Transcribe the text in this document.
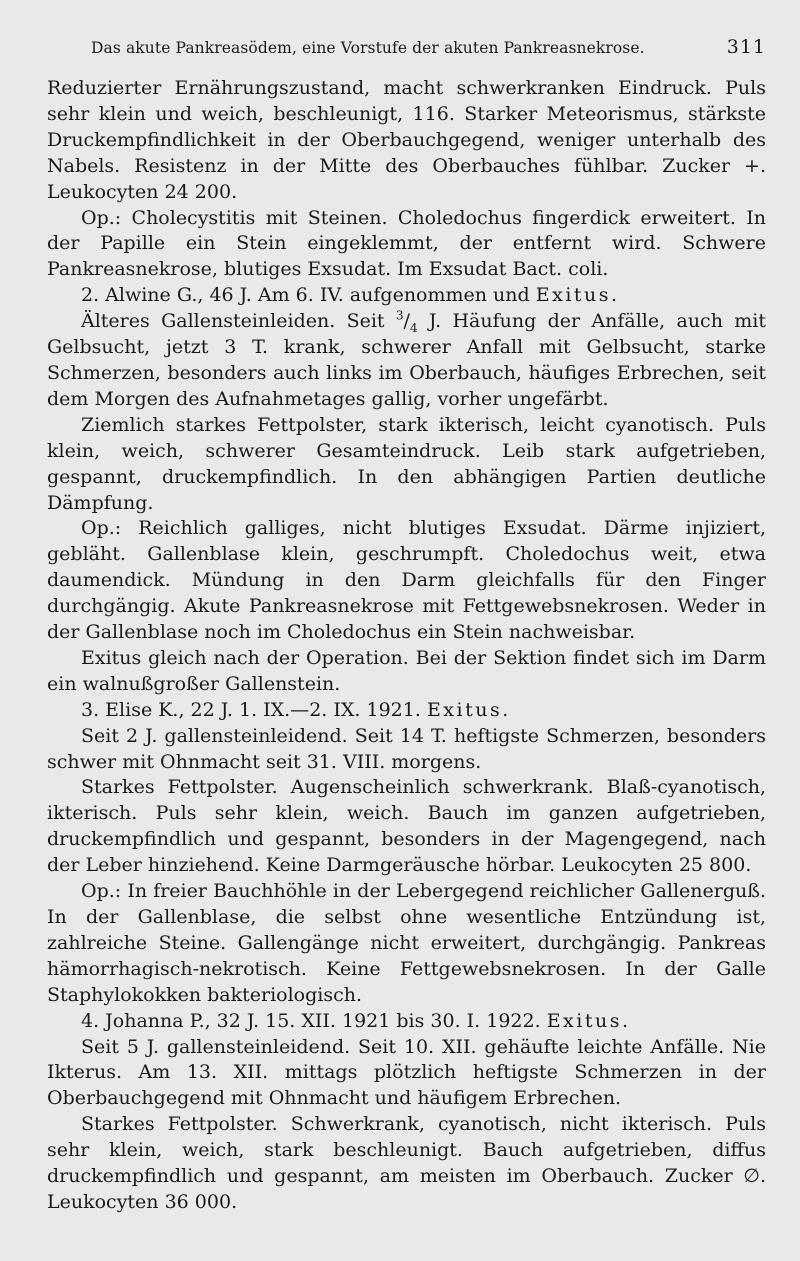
Das akute Pankreasödem, eine Vorstufe der akuten Pankreasnekrose.	311

Reduzierter Ernährungszustand, macht schwerkranken Eindruck. Puls sehr klein und weich, beschleunigt, 116. Starker Meteorismus, stärkste Druckempfindlichkeit in der Oberbauchgegend, weniger unterhalb des Nabels. Resistenz in der Mitte des Oberbauches fühlbar. Zucker +. Leukocyten 24 200.

Op.: Cholecystitis mit Steinen. Choledochus fingerdick erweitert. In der Papille ein Stein eingeklemmt, der entfernt wird. Schwere Pankreasnekrose, blutiges Exsudat. Im Exsudat Bact. coli.

2. Alwine G., 46 J. Am 6. IV. aufgenommen und Exitus.

Älteres Gallensteinleiden. Seit $^3/_4$ J. Häufung der Anfälle, auch mit Gelbsucht, jetzt 3 T. krank, schwerer Anfall mit Gelbsucht, starke Schmerzen, besonders auch links im Oberbauch, häufiges Erbrechen, seit dem Morgen des Aufnahmetages gallig, vorher ungefärbt.

Ziemlich starkes Fettpolster, stark ikterisch, leicht cyanotisch. Puls klein, weich, schwerer Gesamteindruck. Leib stark aufgetrieben, gespannt, druckempfindlich. In den abhängigen Partien deutliche Dämpfung.

Op.: Reichlich galliges, nicht blutiges Exsudat. Därme injiziert, gebläht. Gallenblase klein, geschrumpft. Choledochus weit, etwa daumendick. Mündung in den Darm gleichfalls für den Finger durchgängig. Akute Pankreasnekrose mit Fettgewebsnekrosen. Weder in der Gallenblase noch im Choledochus ein Stein nachweisbar.

Exitus gleich nach der Operation. Bei der Sektion findet sich im Darm ein walnußgroßer Gallenstein.

3. Elise K., 22 J. 1. IX.—2. IX. 1921. Exitus.

Seit 2 J. gallensteinleidend. Seit 14 T. heftigste Schmerzen, besonders schwer mit Ohnmacht seit 31. VIII. morgens.

Starkes Fettpolster. Augenscheinlich schwerkrank. Blaß-cyanotisch, ikterisch. Puls sehr klein, weich. Bauch im ganzen aufgetrieben, druckempfindlich und gespannt, besonders in der Magengegend, nach der Leber hinziehend. Keine Darmgeräusche hörbar. Leukocyten 25 800.

Op.: In freier Bauchhöhle in der Lebergegend reichlicher Gallenerguß. In der Gallenblase, die selbst ohne wesentliche Entzündung ist, zahlreiche Steine. Gallengänge nicht erweitert, durchgängig. Pankreas hämorrhagisch-nekrotisch. Keine Fettgewebsnekrosen. In der Galle Staphylokokken bakteriologisch.

4. Johanna P., 32 J. 15. XII. 1921 bis 30. I. 1922. Exitus.

Seit 5 J. gallensteinleidend. Seit 10. XII. gehäufte leichte Anfälle. Nie Ikterus. Am 13. XII. mittags plötzlich heftigste Schmerzen in der Oberbauchgegend mit Ohnmacht und häufigem Erbrechen.

Starkes Fettpolster. Schwerkrank, cyanotisch, nicht ikterisch. Puls sehr klein, weich, stark beschleunigt. Bauch aufgetrieben, diffus druckempfindlich und gespannt, am meisten im Oberbauch. Zucker ∅. Leukocyten 36 000.
